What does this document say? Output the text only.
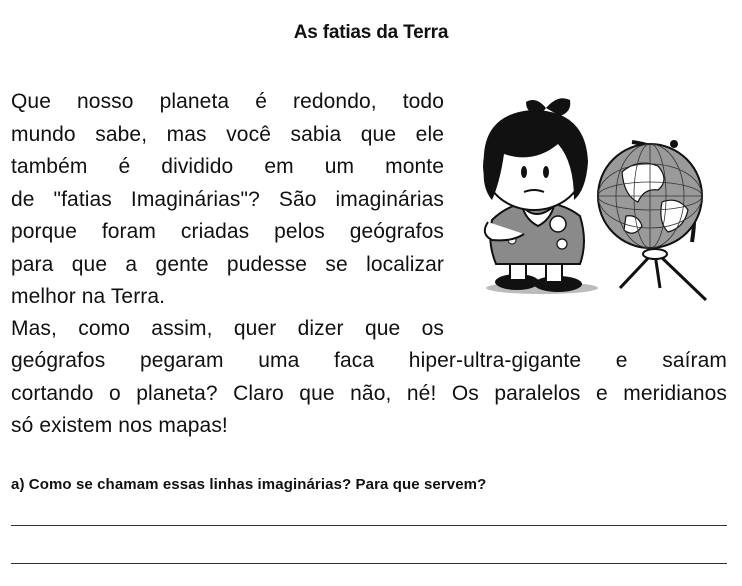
As fatias da Terra
Que nosso planeta é redondo, todo
mundo sabe, mas você sabia que ele
também é dividido em um monte
de "fatias Imaginárias"? São imaginárias
porque foram criadas pelos geógrafos
para que a gente pudesse se localizar
melhor na Terra.
Mas, como assim, quer dizer que os
geógrafos pegaram uma faca hiper-ultra-gigante e saíram
cortando o planeta? Claro que não, né! Os paralelos e meridianos
só existem nos mapas!
a) Como se chamam essas linhas imaginárias? Para que servem?
